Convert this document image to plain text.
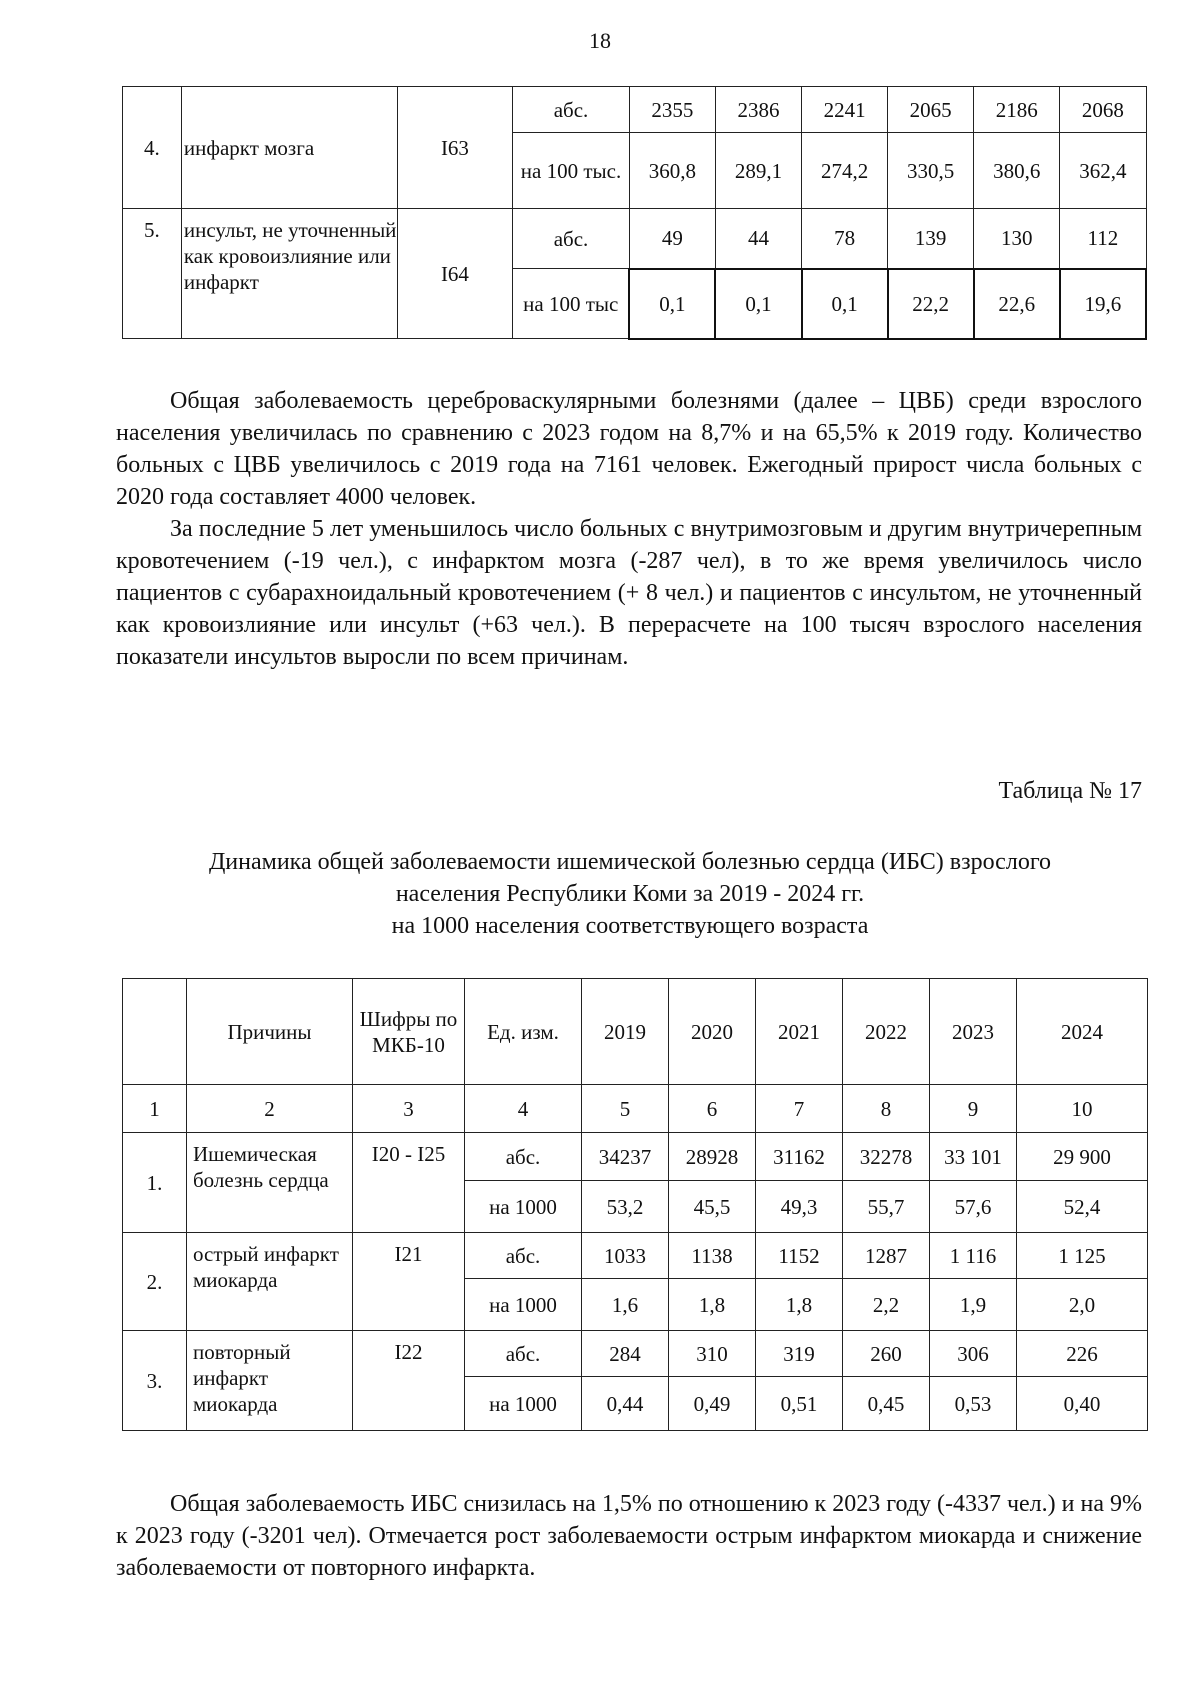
18
4.	инфаркт мозга	I63	абс.	2355	2386	2241	2065	2186	2068
			на 100 тыс.	360,8	289,1	274,2	330,5	380,6	362,4
5.	инсульт, не уточненный как кровоизлияние или инфаркт	I64	абс.	49	44	78	139	130	112
			на 100 тыс	0,1	0,1	0,1	22,2	22,6	19,6

Общая заболеваемость цереброваскулярными болезнями (далее – ЦВБ) среди взрослого населения увеличилась по сравнению с 2023 годом на 8,7% и на 65,5% к 2019 году. Количество больных с ЦВБ увеличилось с 2019 года на 7161 человек. Ежегодный прирост числа больных с 2020 года составляет 4000 человек.

За последние 5 лет уменьшилось число больных с внутримозговым и другим внутричерепным кровотечением (-19 чел.), с инфарктом мозга (-287 чел), в то же время увеличилось число пациентов с субарахноидальный кровотечением (+ 8 чел.) и пациентов с инсультом, не уточненный как кровоизлияние или инсульт (+63 чел.). В перерасчете на 100 тысяч взрослого населения показатели инсультов выросли по всем причинам.

Таблица № 17
Динамика общей заболеваемости ишемической болезнью сердца (ИБС) взрослого
населения Республики Коми за 2019 - 2024 гг.
на 1000 населения соответствующего возраста
	Причины	Шифры по МКБ-10	Ед. изм.	2019	2020	2021	2022	2023	2024
1	2	3	4	5	6	7	8	9	10
1.	Ишемическая болезнь сердца	I20 - I25	абс.	34237	28928	31162	32278	33 101	29 900
			на 1000	53,2	45,5	49,3	55,7	57,6	52,4
2.	острый инфаркт миокарда	I21	абс.	1033	1138	1152	1287	1 116	1 125
			на 1000	1,6	1,8	1,8	2,2	1,9	2,0
3.	повторный инфаркт миокарда	I22	абс.	284	310	319	260	306	226
			на 1000	0,44	0,49	0,51	0,45	0,53	0,40

Общая заболеваемость ИБС снизилась на 1,5% по отношению к 2023 году (-4337 чел.) и на 9% к 2023 году (-3201 чел). Отмечается рост заболеваемости острым инфарктом миокарда и снижение заболеваемости от повторного инфаркта.
